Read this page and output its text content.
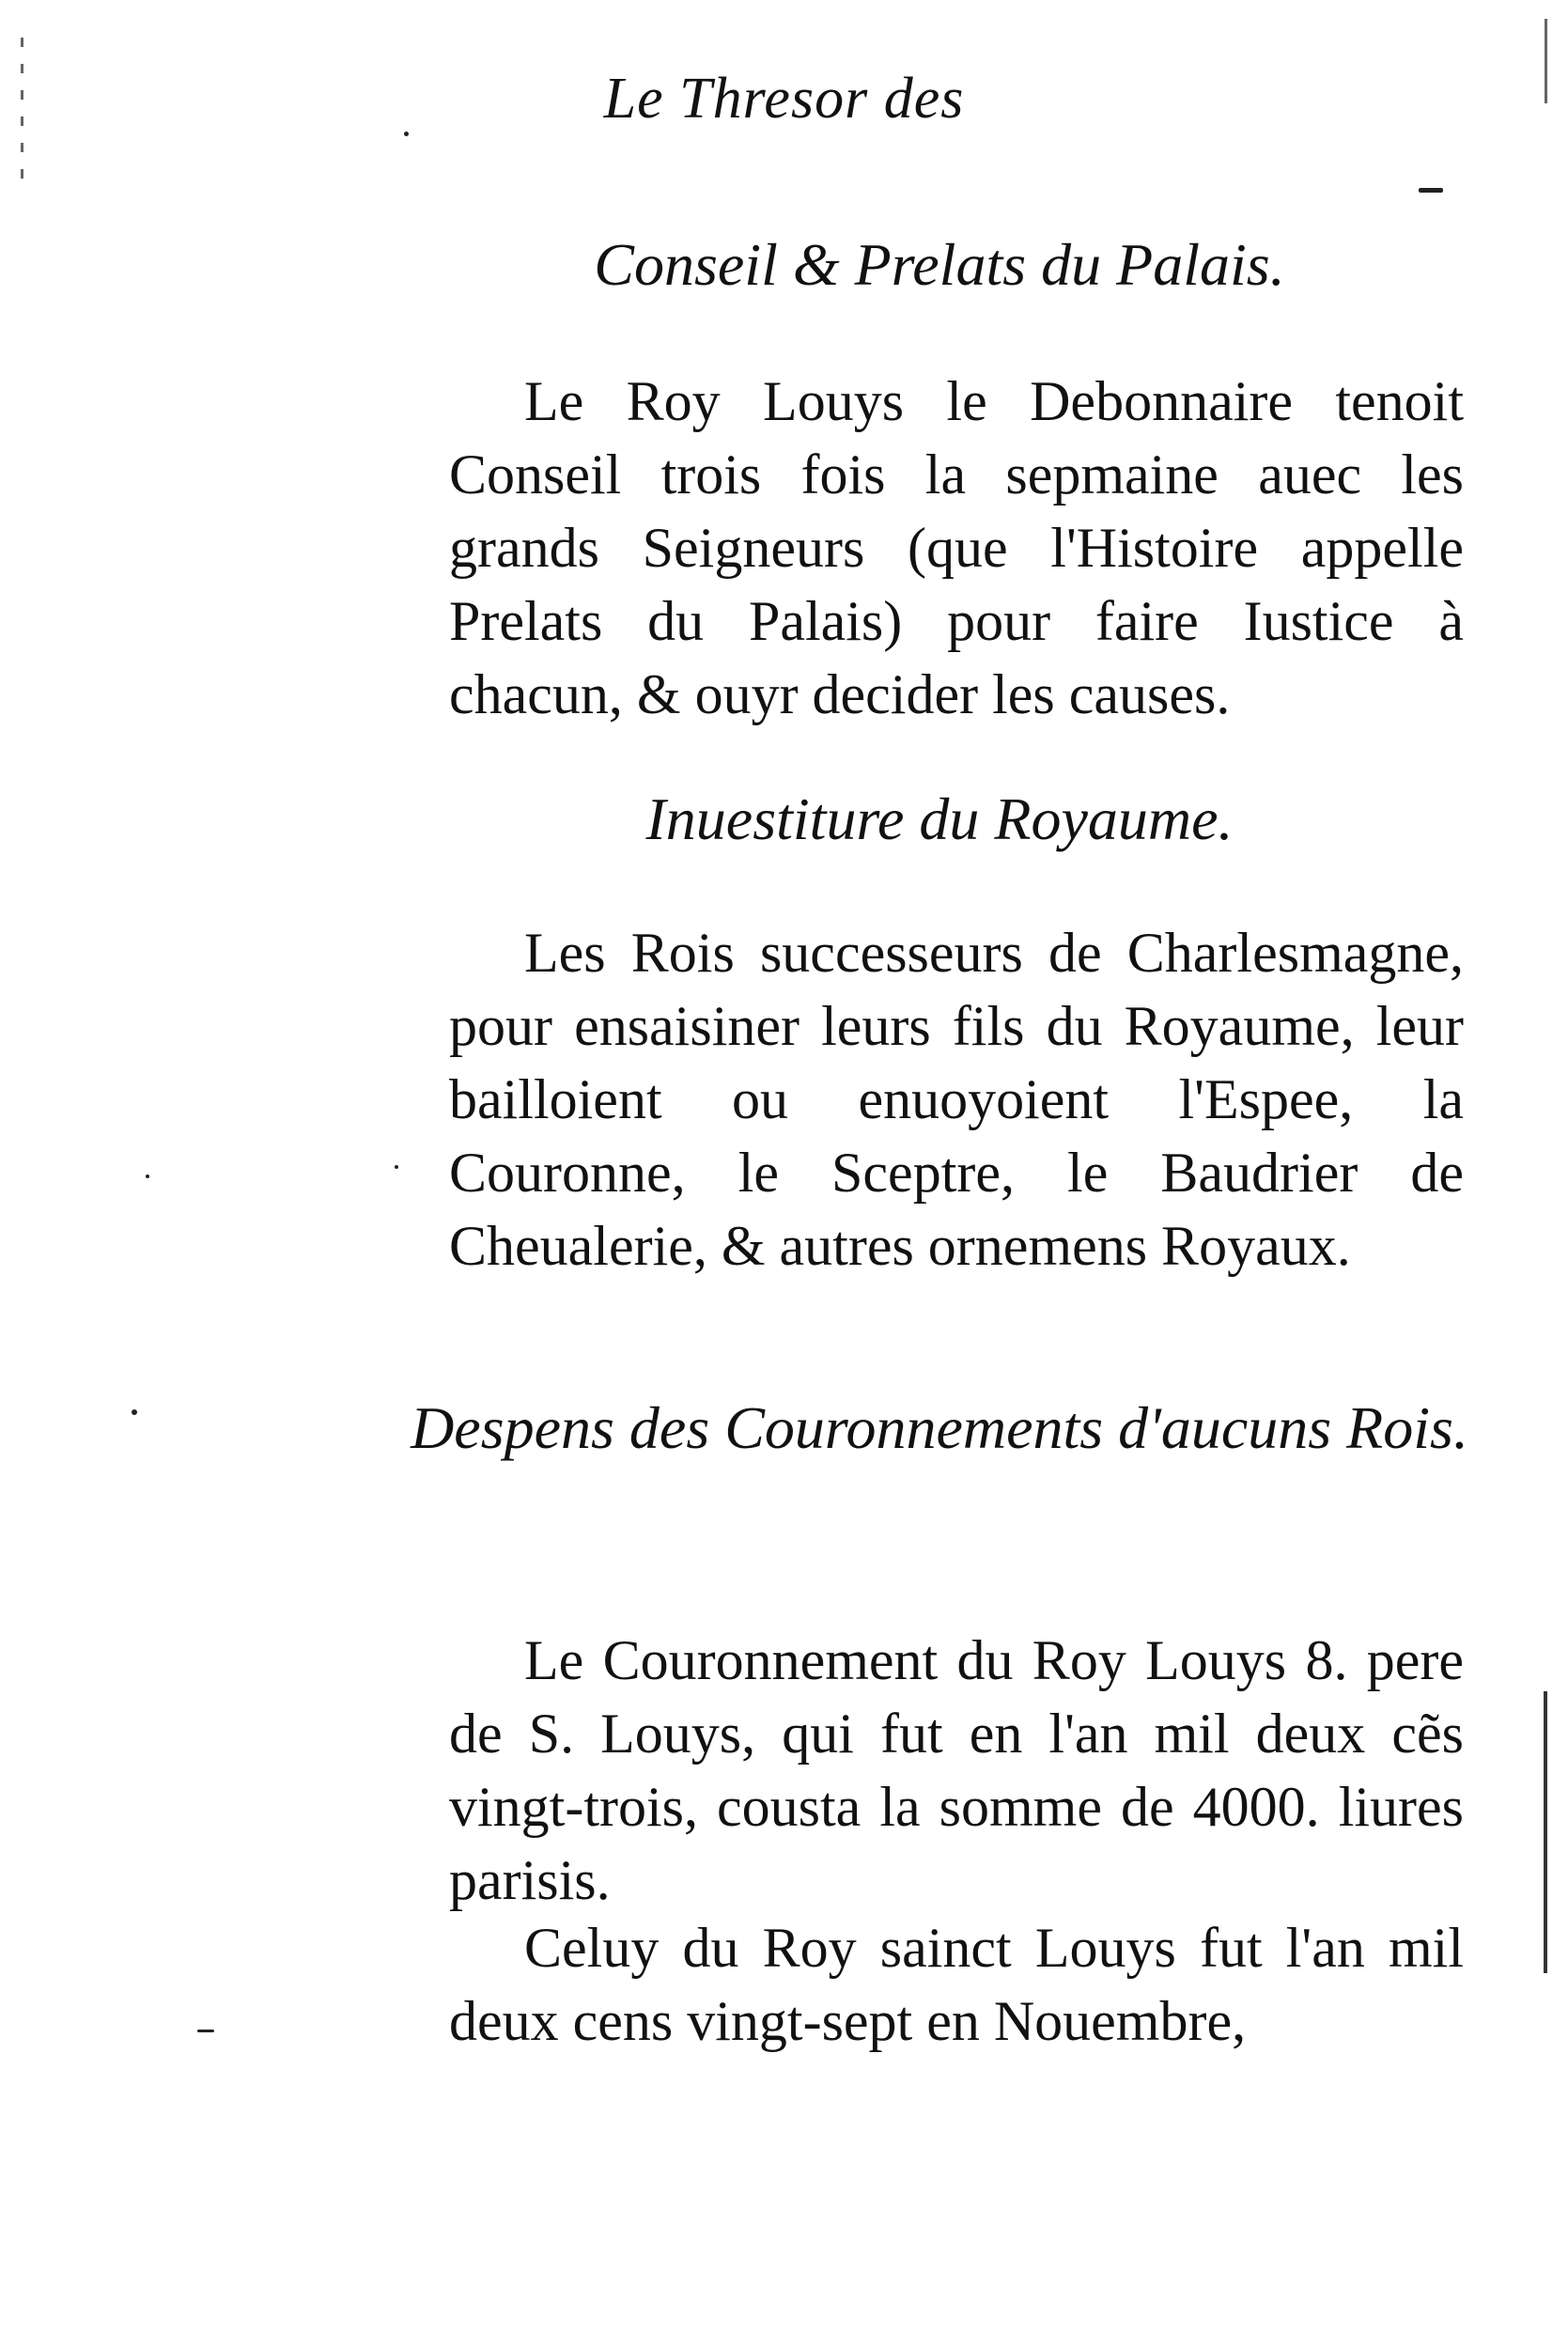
Le Thresor des
Conseil & Prelats du Palais.

Le Roy Louys le Debonnaire tenoit Conseil trois fois la sepmaine auec les grands Seigneurs (que l'Histoire appelle Prelats du Palais) pour faire Iustice à chacun, & ouyr decider les causes.

Inuestiture du Royaume.

Les Rois successeurs de Charlesmagne, pour ensaisiner leurs fils du Royaume, leur bailloient ou enuoyoient l'Espee, la Couronne, le Sceptre, le Baudrier de Cheualerie, & autres ornemens Royaux.

Despens des Couronnements d'aucuns Rois.

Le Couronnement du Roy Louys 8. pere de S. Louys, qui fut en l'an mil deux cẽs vingt-trois, cousta la somme de 4000. liures parisis.

Celuy du Roy sainct Louys fut l'an mil deux cens vingt-sept en Nouembre,
